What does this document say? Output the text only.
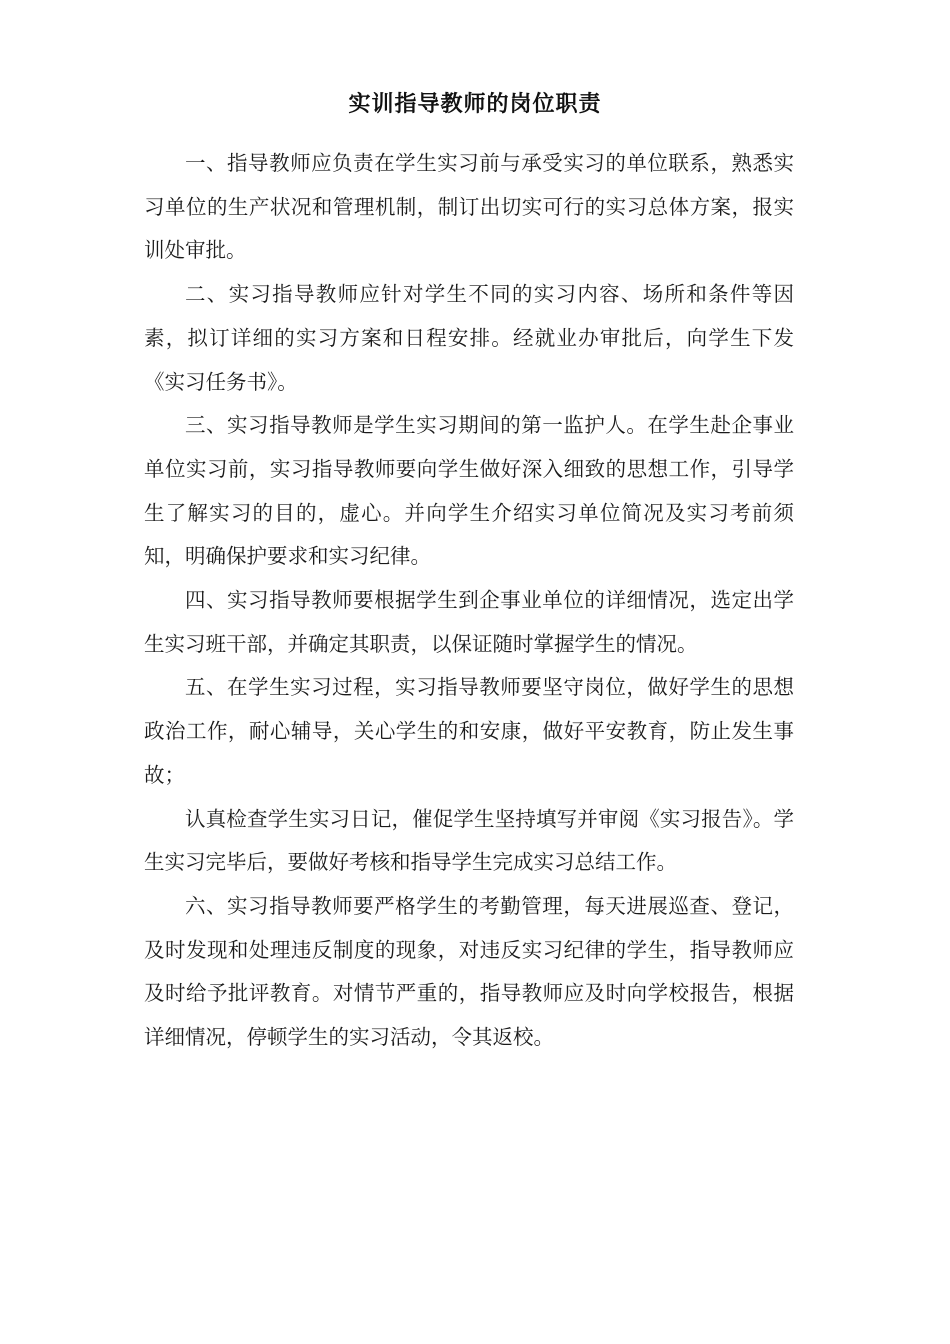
实训指导教师的岗位职责

一、指导教师应负责在学生实习前与承受实习的单位联系，熟悉实习单位的生产状况和管理机制，制订出切实可行的实习总体方案，报实训处审批。

二、实习指导教师应针对学生不同的实习内容、场所和条件等因素，拟订详细的实习方案和日程安排。经就业办审批后，向学生下发《实习任务书》。

三、实习指导教师是学生实习期间的第一监护人。在学生赴企事业单位实习前，实习指导教师要向学生做好深入细致的思想工作，引导学生了解实习的目的，虚心。并向学生介绍实习单位简况及实习考前须知，明确保护要求和实习纪律。

四、实习指导教师要根据学生到企事业单位的详细情况，选定出学生实习班干部，并确定其职责，以保证随时掌握学生的情况。

五、在学生实习过程，实习指导教师要坚守岗位，做好学生的思想政治工作，耐心辅导，关心学生的和安康，做好平安教育，防止发生事故；

认真检查学生实习日记，催促学生坚持填写并审阅《实习报告》。学生实习完毕后，要做好考核和指导学生完成实习总结工作。

六、实习指导教师要严格学生的考勤管理，每天进展巡查、登记，及时发现和处理违反制度的现象，对违反实习纪律的学生，指导教师应及时给予批评教育。对情节严重的，指导教师应及时向学校报告，根据详细情况，停顿学生的实习活动，令其返校。
